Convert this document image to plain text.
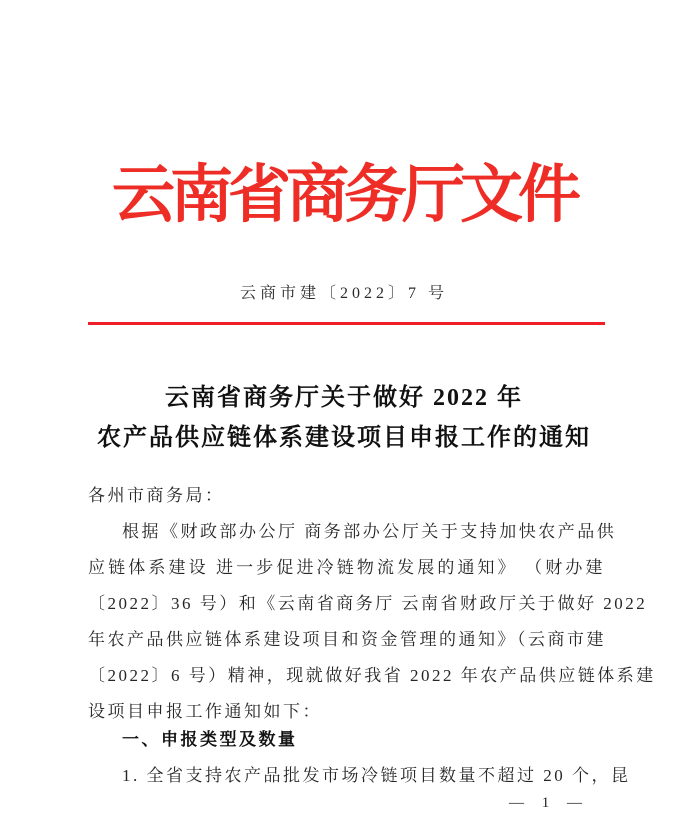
云南省商务厅文件
云商市建〔2022〕7 号
云南省商务厅关于做好 2022 年
农产品供应链体系建设项目申报工作的通知
各州市商务局：
根据《财政部办公厅 商务部办公厅关于支持加快农产品供
应链体系建设 进一步促进冷链物流发展的通知》 （财办建
〔2022〕36 号）和《云南省商务厅 云南省财政厅关于做好 2022
年农产品供应链体系建设项目和资金管理的通知》（云商市建
〔2022〕6 号）精神，现就做好我省 2022 年农产品供应链体系建
设项目申报工作通知如下：
一、申报类型及数量
1. 全省支持农产品批发市场冷链项目数量不超过 20 个，昆
— 1 —
